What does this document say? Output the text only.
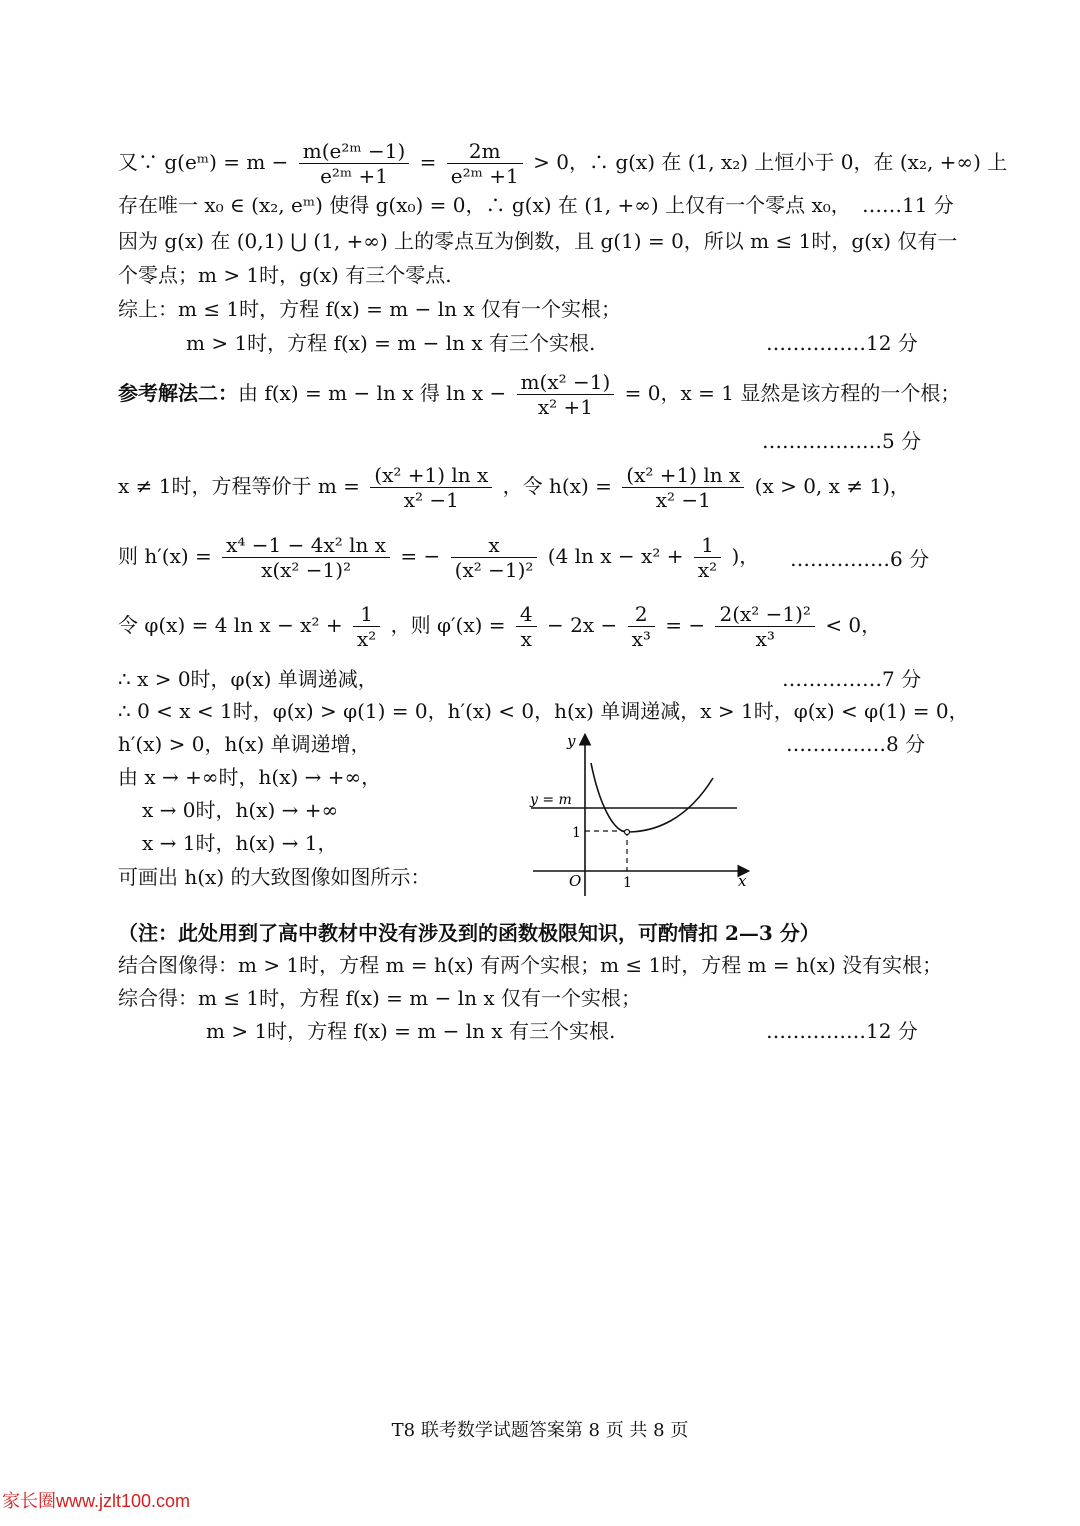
又∵ g(eᵐ) = $m - \frac{\text{m(e²ᵐ −1)}}{\text{e²ᵐ +1}} = \frac{2m}{\text{e²ᵐ +1}} > 0$，∴ g(x) 在 (1, x₂) 上恒小于 0，在 (x₂, +∞) 上
存在唯一 x₀ ∈ (x₂, eᵐ) 使得 g(x₀) = 0，∴ g(x) 在 (1, +∞) 上仅有一个零点 x₀， ……11 分
因为 g(x) 在 (0,1) ⋃ (1, +∞) 上的零点互为倒数，且 g(1) = 0，所以 m ≤ 1时，g(x) 仅有一
个零点；m > 1时，g(x) 有三个零点.
综上：m ≤ 1时，方程 f(x) = m − ln x 仅有一个实根；
m > 1时，方程 f(x) = m − ln x 有三个实根.	……………12 分
参考解法二：由 f(x) = m − ln x 得 $\ln x - \frac{\text{m(x² −1)}}{\text{x² +1}} = 0$，x = 1 显然是该方程的一个根；
………………5 分
x ≠ 1时，方程等价于 $m = \frac{\text{(x² +1) ln x}}{\text{x² −1}}$ ，令 $h(x) = \frac{\text{(x² +1) ln x}}{\text{x² −1}} (x > 0$, x ≠ 1)，
则 $h'(x) = \frac{\text{x⁴ −1 − 4x² ln x}}{\text{x(x² −1)²}}$ = − $\frac{x}{\text{(x² −1)²}} (4$ $\ln x - x^2 + \frac{1}{\text{x²}}$ )， ……………6 分
令 φ(x) = 4 $\ln x - x^2 + \frac{1}{\text{x²}}$ ，则 $\varphi'(x) = \frac{4}{x} - 2x - \frac{2}{\text{x³}}$ = − $\frac{\text{2(x² −1)²}}{\text{x³}} < 0$，
∴ x > 0时，φ(x) 单调递减，	……………7 分
∴ 0 < x < 1时，φ(x) > φ(1) = 0，h′(x) < 0，h(x) 单调递减，x > 1时，φ(x) < φ(1) = 0，
h′(x) > 0，h(x) 单调递增，	……………8 分
由 x → +∞时，h(x) → +∞，
x → 0时，h(x) → +∞
x → 1时，h(x) → 1，
可画出 h(x) 的大致图像如图所示：
y
x
O
1
1
y = m
（注：此处用到了高中教材中没有涉及到的函数极限知识，可酌情扣 2—3 分）
结合图像得：m > 1时，方程 m = h(x) 有两个实根；m ≤ 1时，方程 m = h(x) 没有实根；
综合得：m ≤ 1时，方程 f(x) = m − ln x 仅有一个实根；
m > 1时，方程 f(x) = m − ln x 有三个实根.	……………12 分
T8 联考数学试题答案第 8 页 共 8 页
家长圈www.jzlt100.com
